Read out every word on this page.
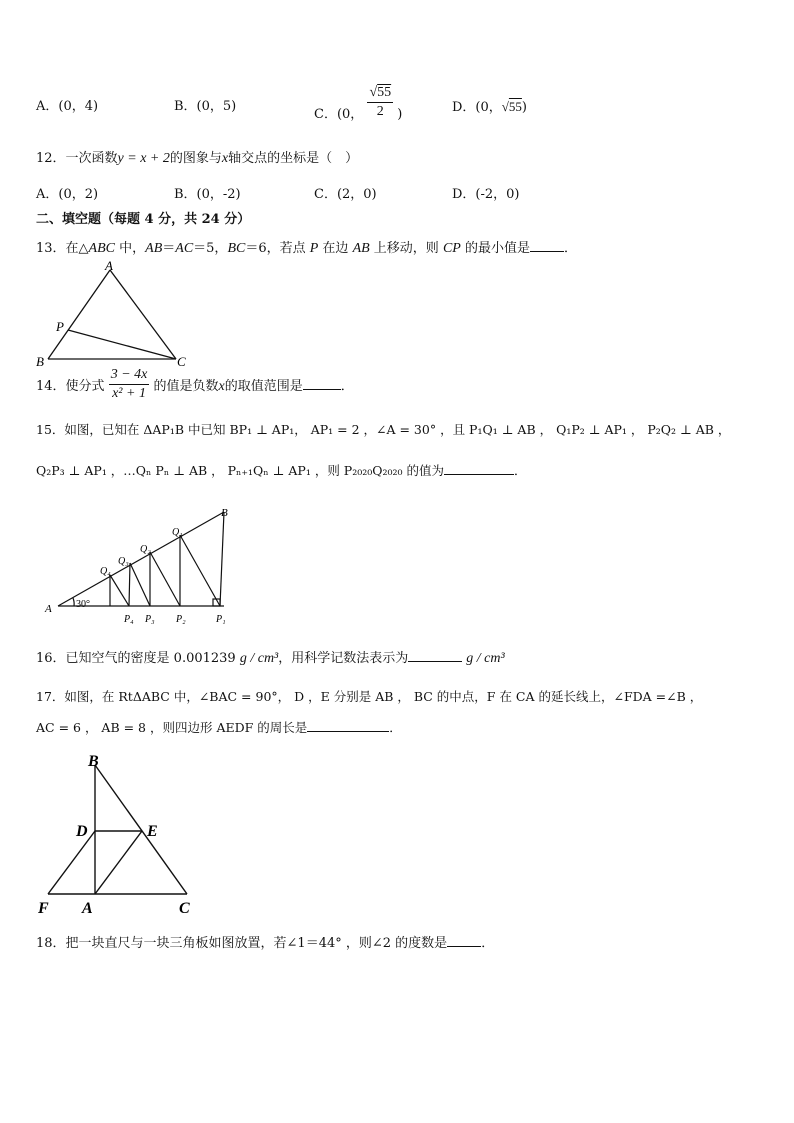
A．(0，4)	B．(0，5)
C．(0， $\frac{√55}{2}$ )	D．(0，√55)
12．一次函数y = x + 2的图象与x轴交点的坐标是（　）
A．(0，2)	B．(0，-2)	C．(2，0)	D．(-2，0)
二、填空题（每题 4 分，共 24 分）
13．在△ABC 中，AB＝AC＝5，BC＝6，若点 P 在边 AB 上移动，则 CP 的最小值是	．
A
P
B	C
14．使分式 $\frac{3 - 4x}{\text{x² + 1}}$ 的值是负数x的取值范围是	．
15．如图，已知在 ΔAP₁B 中已知 BP₁ ⊥ AP₁， AP₁ = 2 ，∠A = 30° ，且 P₁Q₁ ⊥ AB ， Q₁P₂ ⊥ AP₁ ， P₂Q₂ ⊥ AB ，
Q₂P₃ ⊥ AP₁ ，…Qₙ Pₙ ⊥ AB ， Pₙ₊₁Qₙ ⊥ AP₁ ，则 P₂₀₂₀Q₂₀₂₀ 的值为	．
A 30°
B
Q₁
Q₂
Q₃
Q₄
P₁
P₂
P₃
P₄
16．已知空气的密度是 0.001239 g / cm³，用科学记数法表示为	g / cm³
17．如图，在 RtΔABC 中，∠BAC = 90°， D ，E 分别是 AB ， BC 的中点，F 在 CA 的延长线上，∠FDA =∠B ，
AC = 6 ， AB = 8 ，则四边形 AEDF 的周长是	．
B
D	E
F A	C
18．把一块直尺与一块三角板如图放置，若∠1＝44° ，则∠2 的度数是	．
